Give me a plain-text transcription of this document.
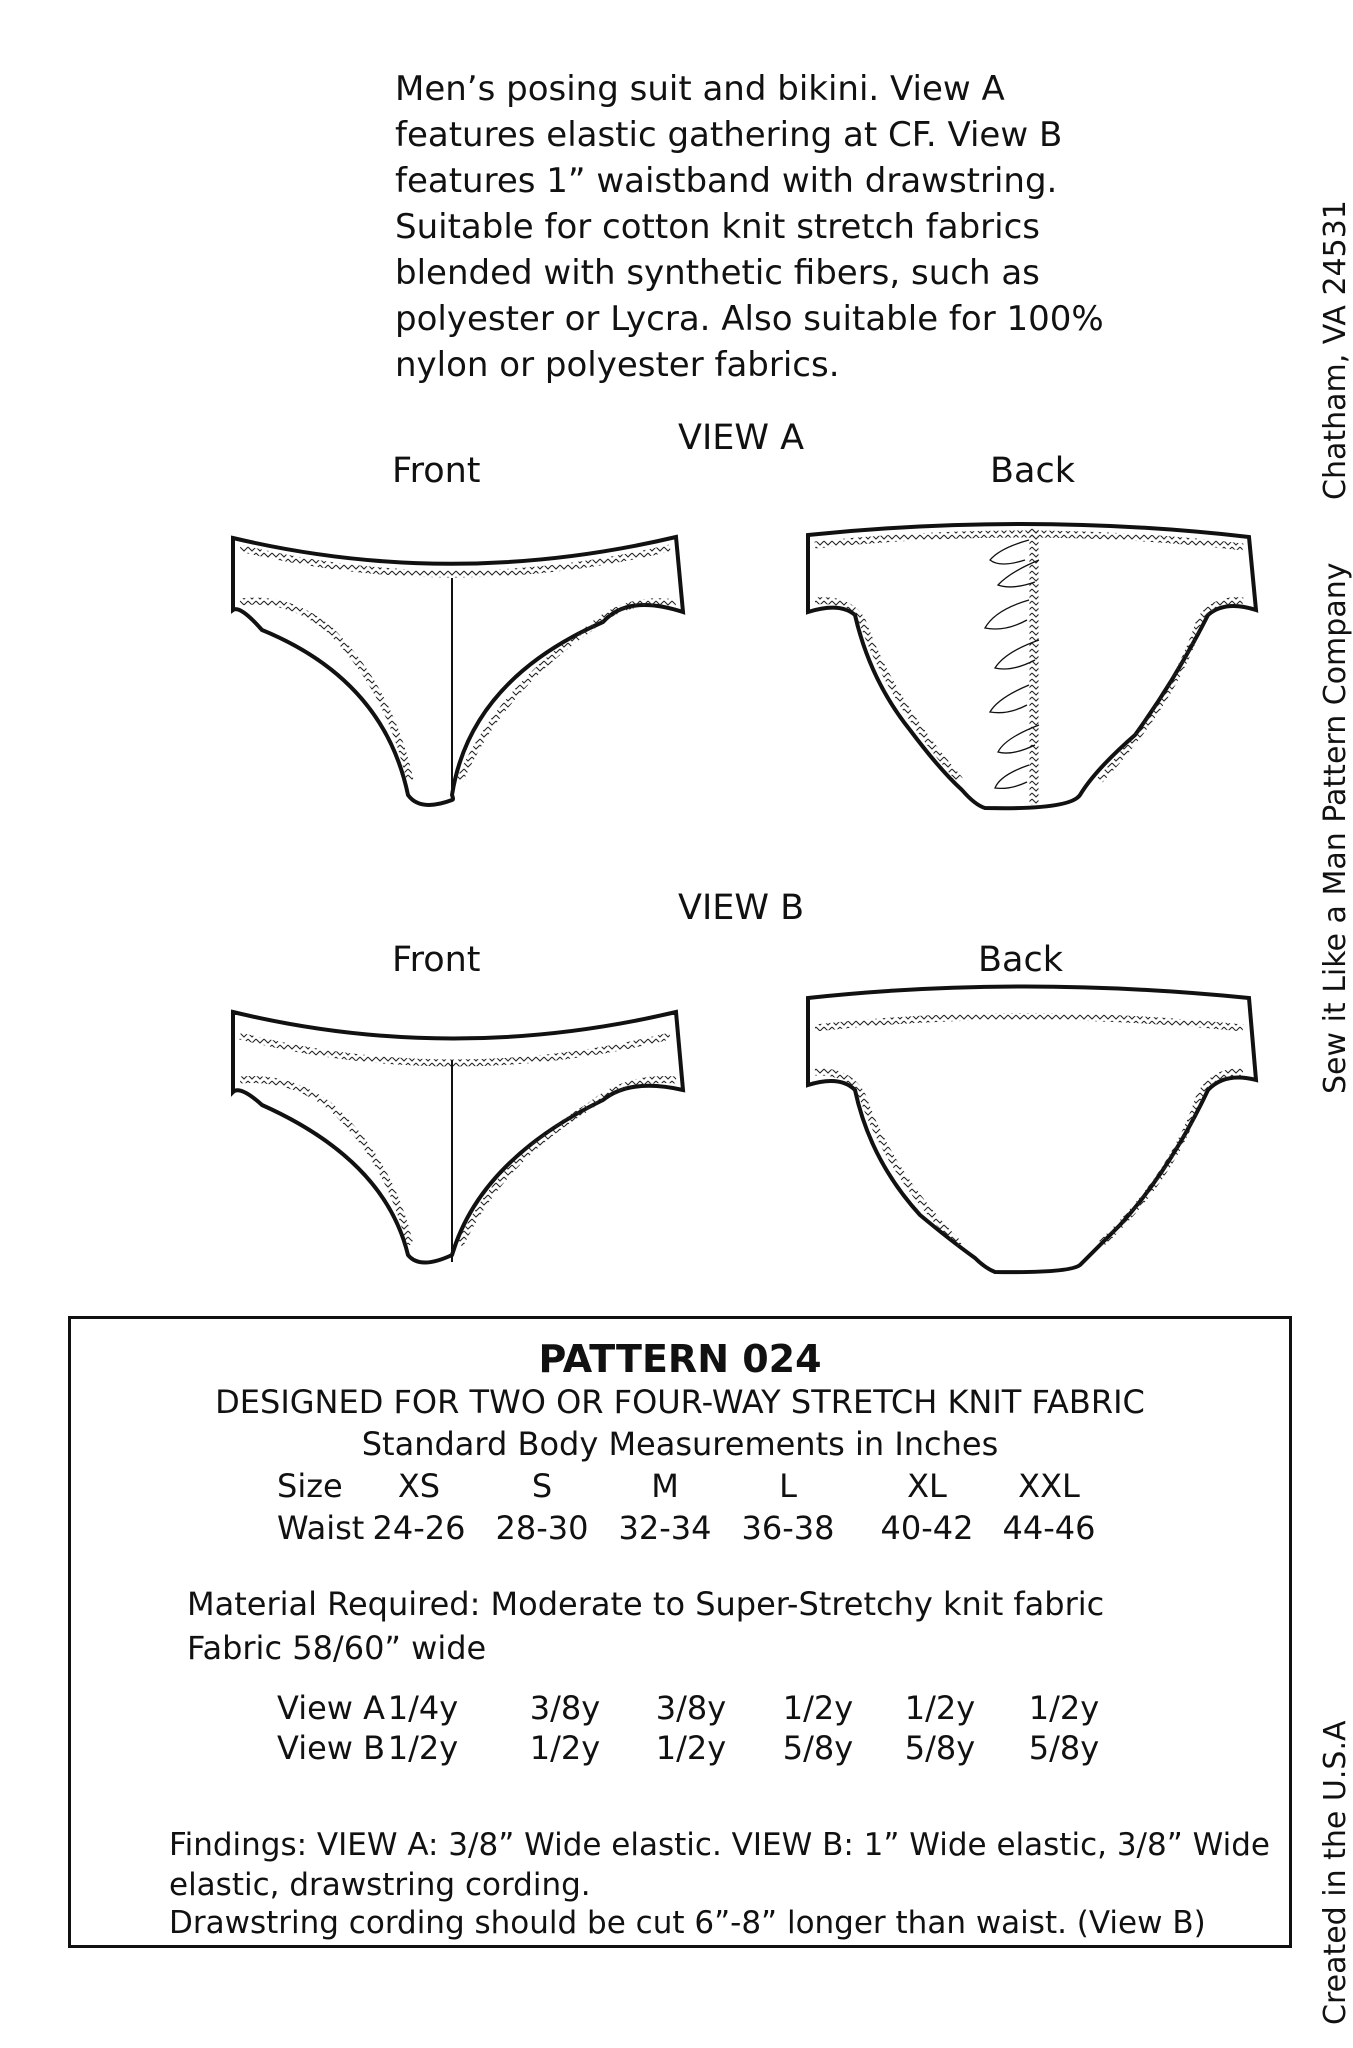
Men’s posing suit and bikini. View A

features elastic gathering at CF. View B

features 1” waistband with drawstring.

Suitable for cotton knit stretch fabrics

blended with synthetic fibers, such as

polyester or Lycra. Also suitable for 100%

nylon or polyester fabrics.

VIEW A
Front	Back
VIEW B
Front	Back	Sew it Like a Man Pattern Company
Chatham, VA 24531
Created in the U.S.A
PATTERN 024
DESIGNED FOR TWO OR FOUR-WAY STRETCH KNIT FABRIC
Standard Body Measurements in Inches
Size XS	S	M	L	XL XXL
Waist 24-26 28-30 32-34 36-38 40-42 44-46
Material Required: Moderate to Super-Stretchy knit fabric
Fabric 58/60” wide
View A 1/4y 3/8y 3/8y 1/2y 1/2y 1/2y
View B 1/2y 1/2y 1/2y 5/8y 5/8y 5/8y
Findings: VIEW A: 3/8” Wide elastic. VIEW B: 1” Wide elastic, 3/8” Wide
elastic, drawstring cording.
Drawstring cording should be cut 6”-8” longer than waist. (View B)
